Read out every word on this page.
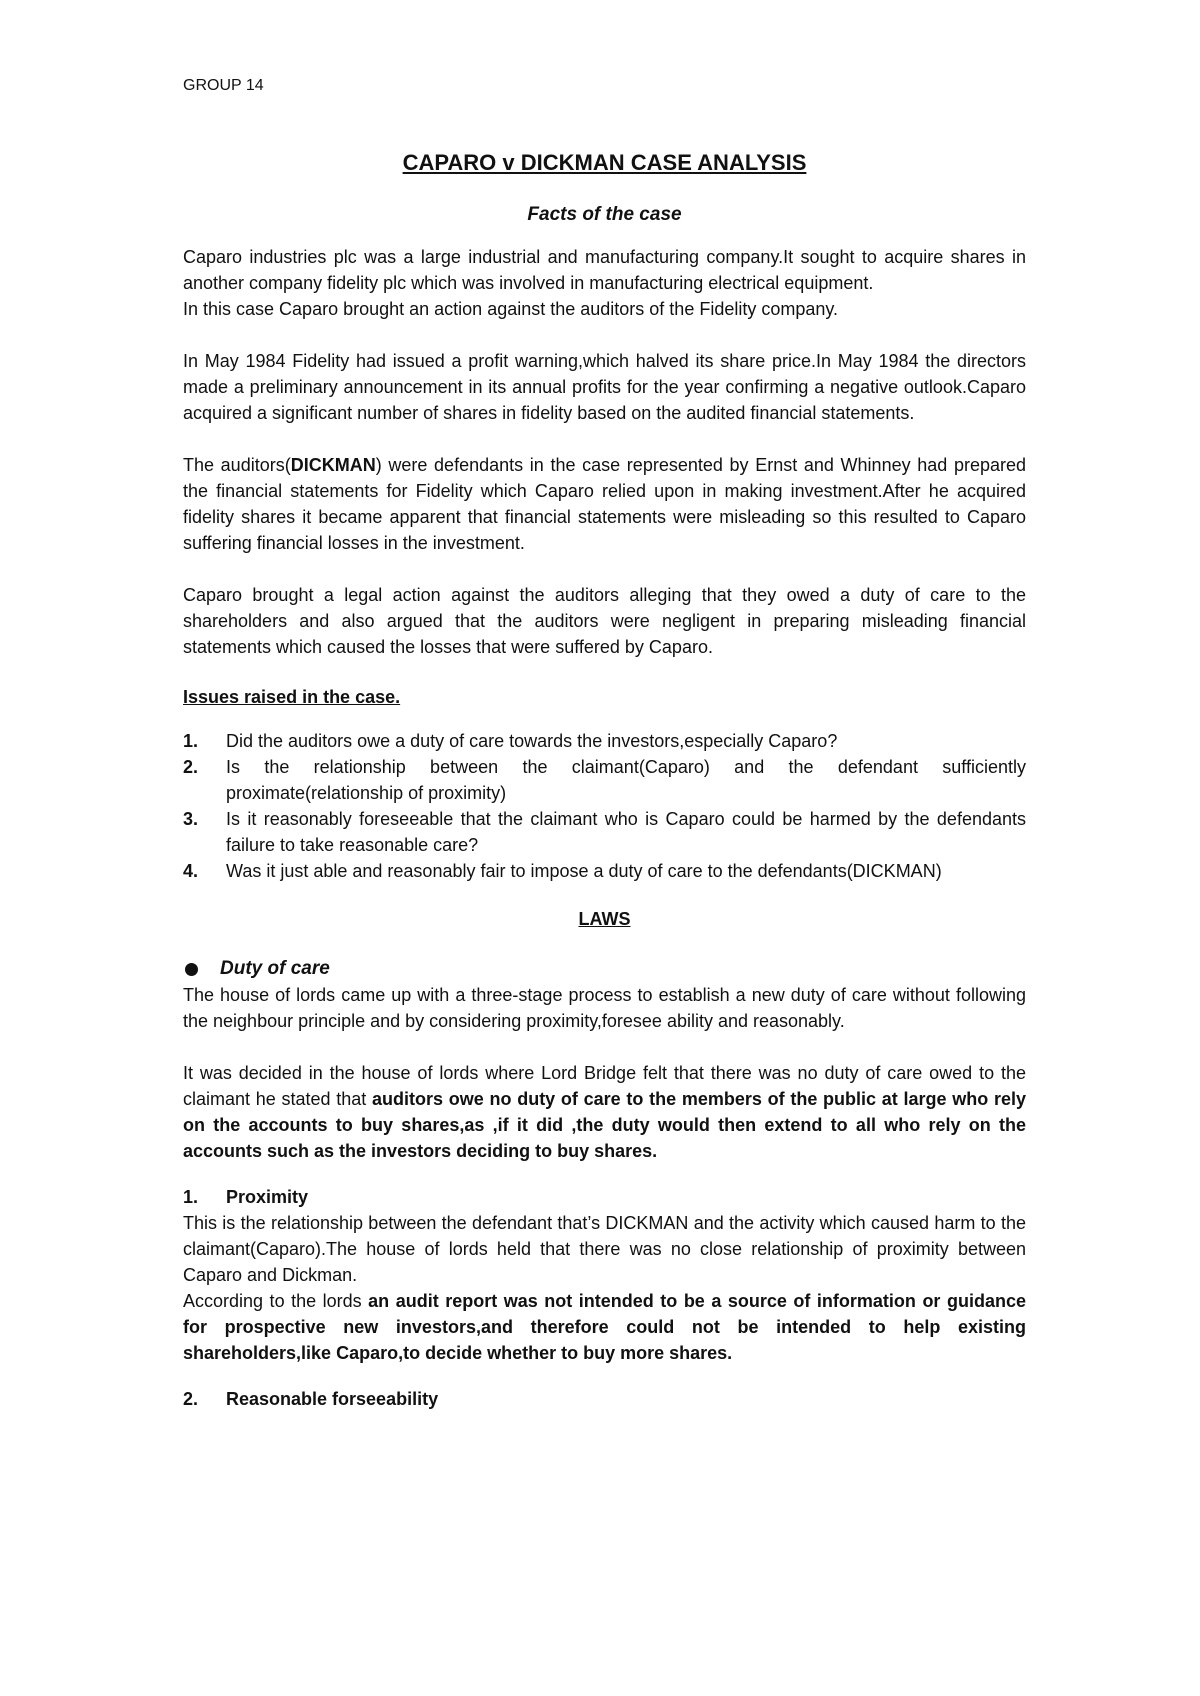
GROUP 14
CAPARO v DICKMAN CASE ANALYSIS
Facts of the case

Caparo industries plc was a large industrial and manufacturing company.It sought to acquire shares in another company fidelity plc which was involved in manufacturing electrical equipment.

In this case Caparo brought an action against the auditors of the Fidelity company.

In May 1984 Fidelity had issued a profit warning,which halved its share price.In May 1984 the directors made a preliminary announcement in its annual profits for the year confirming a negative outlook.Caparo acquired a significant number of shares in fidelity based on the audited financial statements.

The auditors(DICKMAN) were defendants in the case represented by Ernst and Whinney had prepared the financial statements for Fidelity which Caparo relied upon in making investment.After he acquired fidelity shares it became apparent that financial statements were misleading so this resulted to Caparo suffering financial losses in the investment.

Caparo brought a legal action against the auditors alleging that they owed a duty of care to the shareholders and also argued that the auditors were negligent in preparing misleading financial statements which caused the losses that were suffered by Caparo.

Issues raised in the case.
1. Did the auditors owe a duty of care towards the investors,especially Caparo?
2. Is the relationship between the claimant(Caparo) and the defendant sufficiently proximate(relationship of proximity)
3. Is it reasonably foreseeable that the claimant who is Caparo could be harmed by the defendants failure to take reasonable care?
4. Was it just able and reasonably fair to impose a duty of care to the defendants(DICKMAN)
LAWS
Duty of care

The house of lords came up with a three-stage process to establish a new duty of care without following the neighbour principle and by considering proximity,foresee ability and reasonably.

It was decided in the house of lords where Lord Bridge felt that there was no duty of care owed to the claimant he stated that auditors owe no duty of care to the members of the public at large who rely on the accounts to buy shares,as ,if it did ,the duty would then extend to all who rely on the accounts such as the investors deciding to buy shares.

1.	Proximity

This is the relationship between the defendant that’s DICKMAN and the activity which caused harm to the claimant(Caparo).The house of lords held that there was no close relationship of proximity between Caparo and Dickman.

According to the lords an audit report was not intended to be a source of information or guidance for prospective new investors,and therefore could not be intended to help existing shareholders,like Caparo,to decide whether to buy more shares.

2.	Reasonable forseeability
